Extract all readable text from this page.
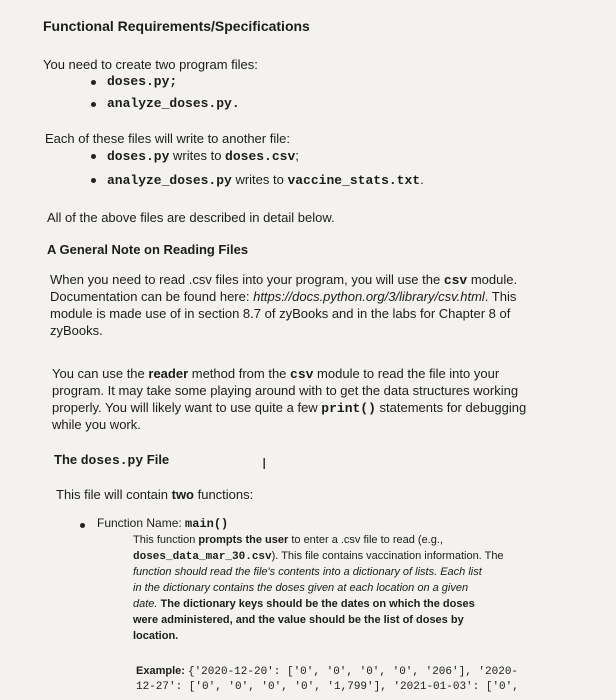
Functional Requirements/Specifications
You need to create two program files:
doses.py;
analyze_doses.py.
Each of these files will write to another file:
doses.py writes to doses.csv;
analyze_doses.py writes to vaccine_stats.txt.
All of the above files are described in detail below.
A General Note on Reading Files
When you need to read .csv files into your program, you will use the csv module.
Documentation can be found here: https://docs.python.org/3/library/csv.html. This
module is made use of in section 8.7 of zyBooks and in the labs for Chapter 8 of
zyBooks.
You can use the reader method from the csv module to read the file into your
program. It may take some playing around with to get the data structures working
properly. You will likely want to use quite a few print() statements for debugging
while you work.
The doses.py File	I
This file will contain two functions:
Function Name: main()
This function prompts the user to enter a .csv file to read (e.g.,
doses_data_mar_30.csv). This file contains vaccination information. The
function should read the file's contents into a dictionary of lists. Each list
in the dictionary contains the doses given at each location on a given
date. The dictionary keys should be the dates on which the doses
were administered, and the value should be the list of doses by
location.
Example: {'2020-12-20': ['0', '0', '0', '0', '206'], '2020-
12-27': ['0', '0', '0', '0', '1,799'], '2021-01-03': ['0',
